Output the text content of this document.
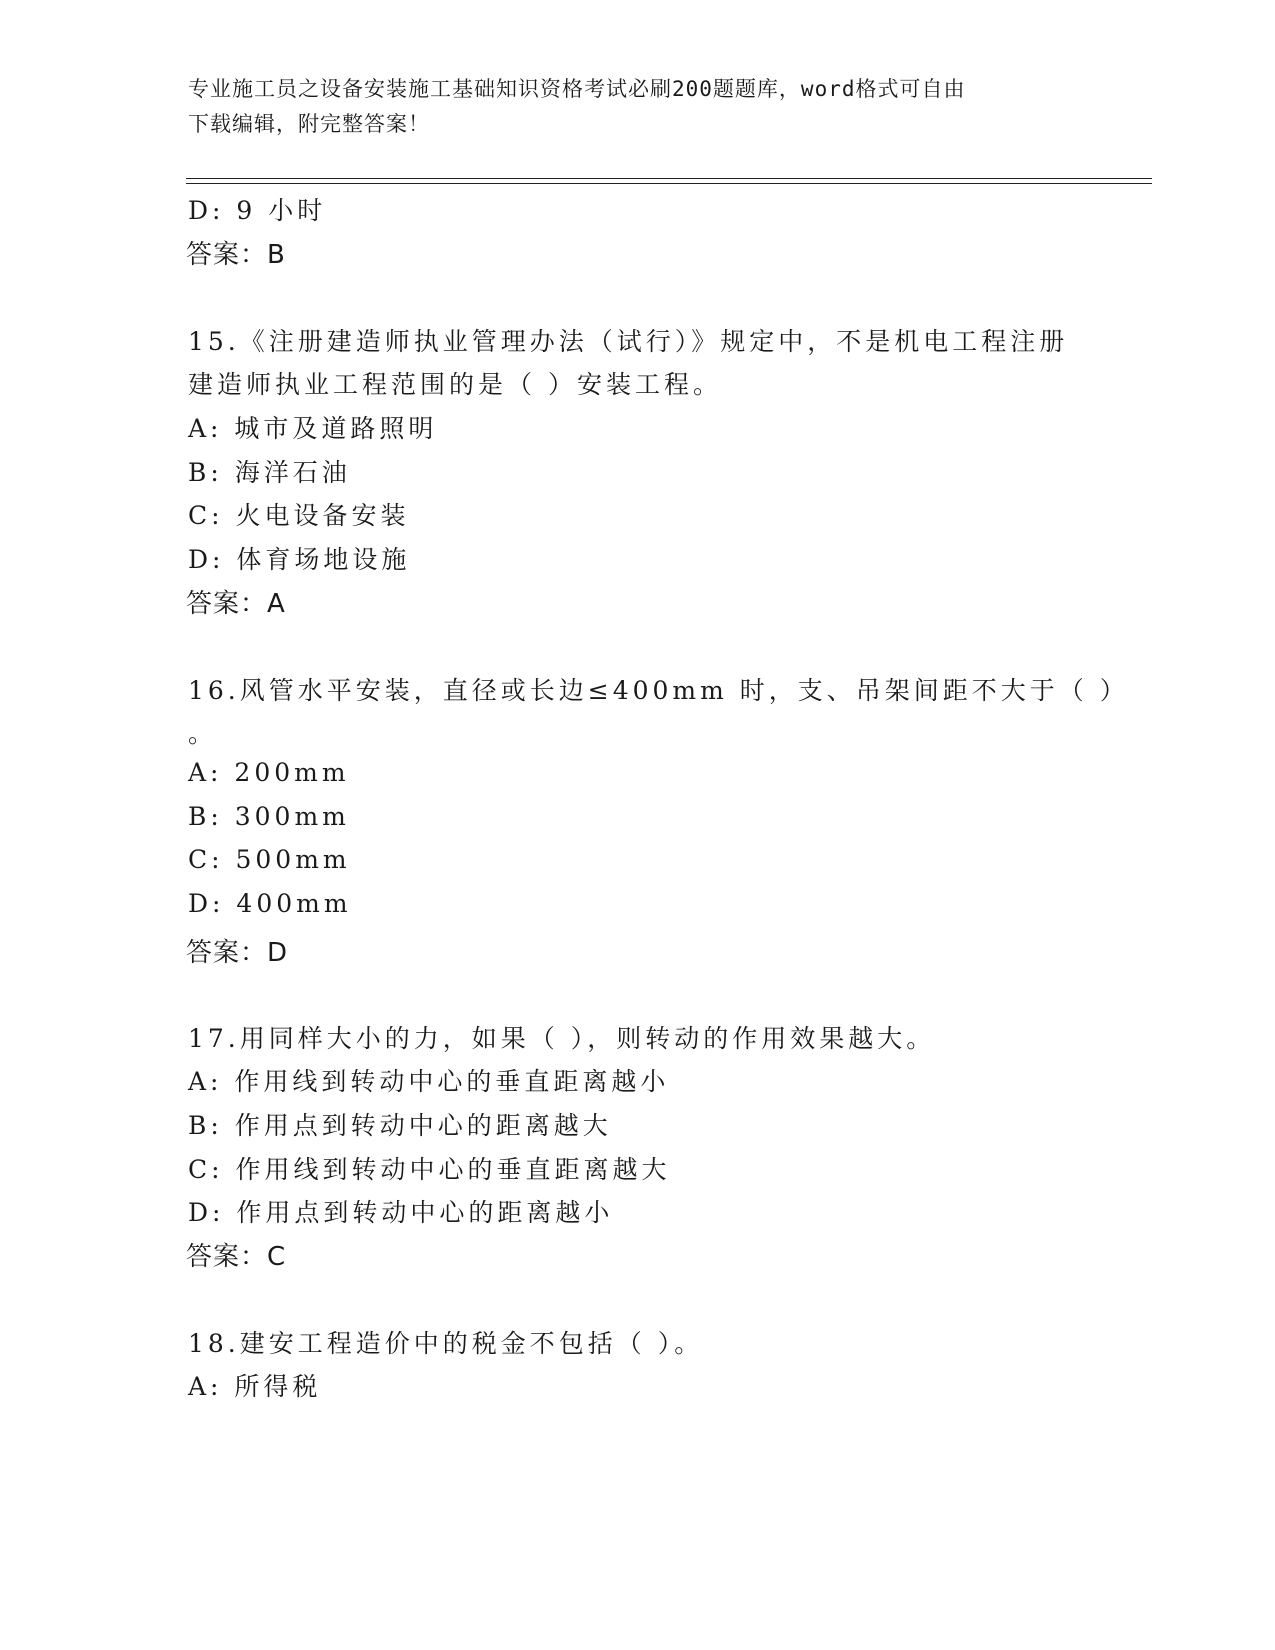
专业施工员之设备安装施工基础知识资格考试必刷200题题库，word格式可自由
下载编辑，附完整答案！
D: 9 小时
答案：B
15.《注册建造师执业管理办法（试行）》规定中，不是机电工程注册
建造师执业工程范围的是（ ）安装工程。
A: 城市及道路照明
B: 海洋石油
C: 火电设备安装
D: 体育场地设施
答案：A
16.风管水平安装，直径或长边≤400mm 时，支、吊架间距不大于（ ）
。
A: 200mm
B: 300mm
C: 500mm
D: 400mm
答案：D
17.用同样大小的力，如果（ ），则转动的作用效果越大。
A: 作用线到转动中心的垂直距离越小
B: 作用点到转动中心的距离越大
C: 作用线到转动中心的垂直距离越大
D: 作用点到转动中心的距离越小
答案：C
18.建安工程造价中的税金不包括（ ）。
A: 所得税
